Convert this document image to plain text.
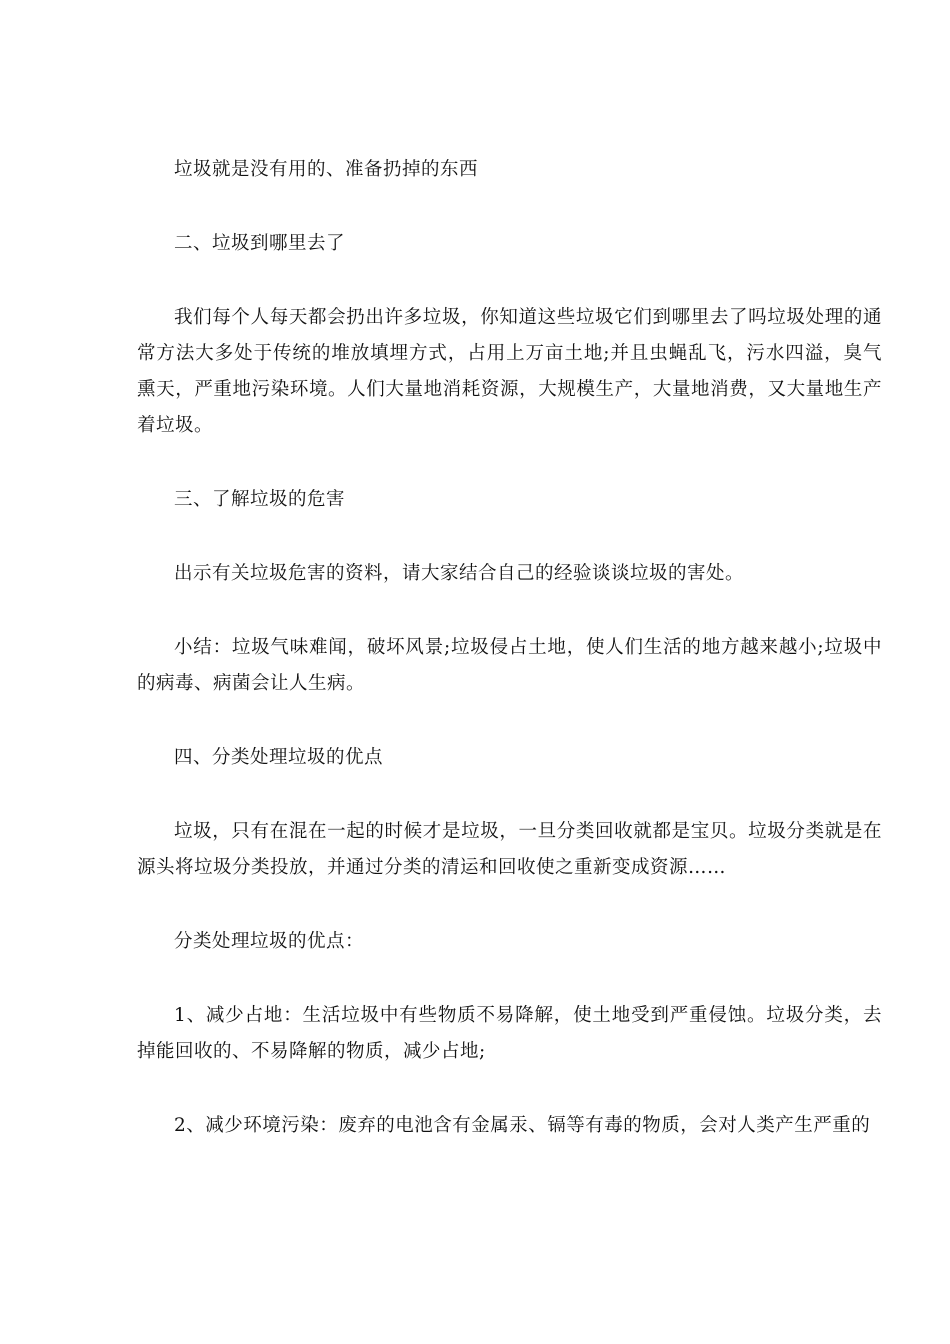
垃圾就是没有用的、准备扔掉的东西

二、垃圾到哪里去了

我们每个人每天都会扔出许多垃圾，你知道这些垃圾它们到哪里去了吗垃圾处理的通常方法大多处于传统的堆放填埋方式，占用上万亩土地;并且虫蝇乱飞，污水四溢，臭气熏天，严重地污染环境。人们大量地消耗资源，大规模生产，大量地消费，又大量地生产着垃圾。

三、了解垃圾的危害

出示有关垃圾危害的资料，请大家结合自己的经验谈谈垃圾的害处。

小结：垃圾气味难闻，破坏风景;垃圾侵占土地，使人们生活的地方越来越小;垃圾中的病毒、病菌会让人生病。

四、分类处理垃圾的优点

垃圾，只有在混在一起的时候才是垃圾，一旦分类回收就都是宝贝。垃圾分类就是在源头将垃圾分类投放，并通过分类的清运和回收使之重新变成资源……

分类处理垃圾的优点：

1、减少占地：生活垃圾中有些物质不易降解，使土地受到严重侵蚀。垃圾分类，去掉能回收的、不易降解的物质，减少占地;

2、减少环境污染：废弃的电池含有金属汞、镉等有毒的物质，会对人类产生严重的
